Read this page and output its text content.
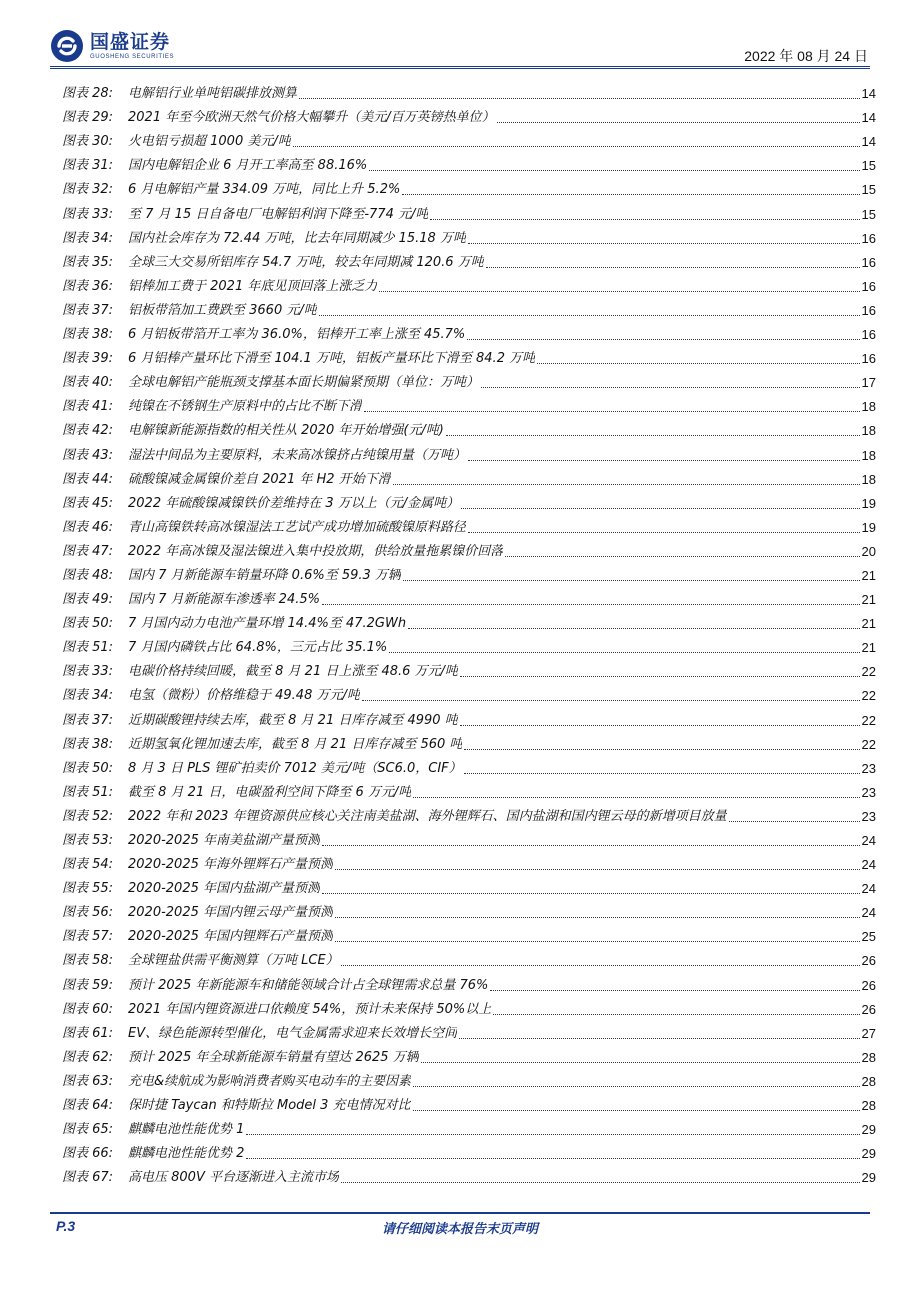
国盛证券
GUOSHENG SECURITIES	2022 年 08 月 24 日
图表 28:	电解铝行业单吨铝碳排放测算	14
图表 29:	2021 年至今欧洲天然气价格大幅攀升（美元/百万英镑热单位）	14
图表 30:	火电铝亏损超 1000 美元/吨	14
图表 31:	国内电解铝企业 6 月开工率高至 88.16%	15
图表 32:	6 月电解铝产量 334.09 万吨，同比上升 5.2%	15
图表 33:	至 7 月 15 日自备电厂电解铝利润下降至-774 元/吨	15
图表 34:	国内社会库存为 72.44 万吨，比去年同期减少 15.18 万吨	16
图表 35:	全球三大交易所铝库存 54.7 万吨，较去年同期减 120.6 万吨	16
图表 36:	铝棒加工费于 2021 年底见顶回落上涨乏力	16
图表 37:	铝板带箔加工费跌至 3660 元/吨	16
图表 38:	6 月铝板带箔开工率为 36.0%，铝棒开工率上涨至 45.7%	16
图表 39:	6 月铝棒产量环比下滑至 104.1 万吨，铝板产量环比下滑至 84.2 万吨	16
图表 40:	全球电解铝产能瓶颈支撑基本面长期偏紧预期（单位：万吨）	17
图表 41:	纯镍在不锈钢生产原料中的占比不断下滑	18
图表 42:	电解镍新能源指数的相关性从 2020 年开始增强(元/吨)	18
图表 43:	湿法中间品为主要原料，未来高冰镍挤占纯镍用量（万吨）	18
图表 44:	硫酸镍减金属镍价差自 2021 年 H2 开始下滑	18
图表 45:	2022 年硫酸镍减镍铁价差维持在 3 万以上（元/金属吨）	19
图表 46:	青山高镍铁转高冰镍湿法工艺试产成功增加硫酸镍原料路径	19
图表 47:	2022 年高冰镍及湿法镍进入集中投放期，供给放量拖累镍价回落	20
图表 48:	国内 7 月新能源车销量环降 0.6%至 59.3 万辆	21
图表 49:	国内 7 月新能源车渗透率 24.5%	21
图表 50:	7 月国内动力电池产量环增 14.4%至 47.2GWh	21
图表 51:	7 月国内磷铁占比 64.8%，三元占比 35.1%	21
图表 33:	电碳价格持续回暖，截至 8 月 21 日上涨至 48.6 万元/吨	22
图表 34:	电氢（微粉）价格维稳于 49.48 万元/吨	22
图表 37:	近期碳酸锂持续去库，截至 8 月 21 日库存减至 4990 吨	22
图表 38:	近期氢氧化锂加速去库，截至 8 月 21 日库存减至 560 吨	22
图表 50:	8 月 3 日 PLS 锂矿拍卖价 7012 美元/吨（SC6.0，CIF）	23
图表 51:	截至 8 月 21 日，电碳盈利空间下降至 6 万元/吨	23
图表 52:	2022 年和 2023 年锂资源供应核心关注南美盐湖、海外锂辉石、国内盐湖和国内锂云母的新增项目放量	23
图表 53:	2020-2025 年南美盐湖产量预测	24
图表 54:	2020-2025 年海外锂辉石产量预测	24
图表 55:	2020-2025 年国内盐湖产量预测	24
图表 56:	2020-2025 年国内锂云母产量预测	24
图表 57:	2020-2025 年国内锂辉石产量预测	25
图表 58:	全球锂盐供需平衡测算（万吨 LCE）	26
图表 59:	预计 2025 年新能源车和储能领域合计占全球锂需求总量 76%	26
图表 60:	2021 年国内锂资源进口依赖度 54%，预计未来保持 50%以上	26
图表 61:	EV、绿色能源转型催化，电气金属需求迎来长效增长空间	27
图表 62:	预计 2025 年全球新能源车销量有望达 2625 万辆	28
图表 63:	充电&续航成为影响消费者购买电动车的主要因素	28
图表 64:	保时捷 Taycan 和特斯拉 Model 3 充电情况对比	28
图表 65:	麒麟电池性能优势 1	29
图表 66:	麒麟电池性能优势 2	29
图表 67:	高电压 800V 平台逐渐进入主流市场	29
P.3	请仔细阅读本报告末页声明
